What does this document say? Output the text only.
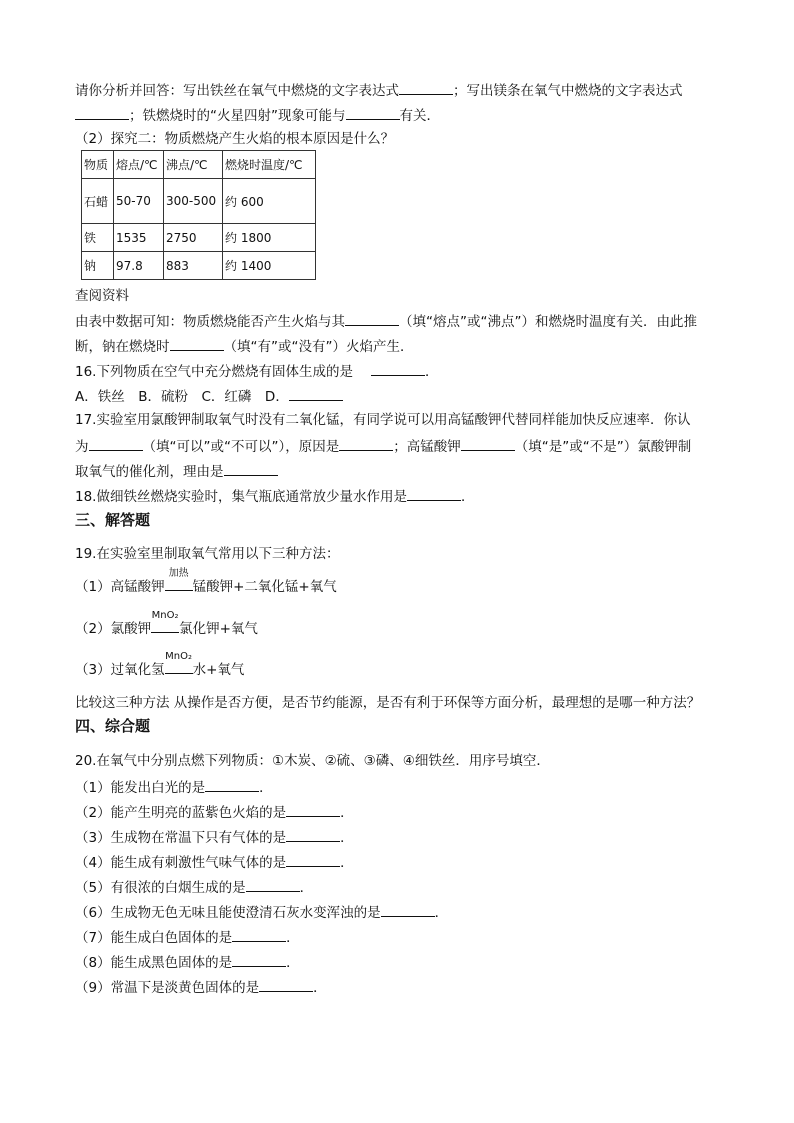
请你分析并回答：写出铁丝在氧气中燃烧的文字表达式	；写出镁条在氧气中燃烧的文字表达式
；铁燃烧时的“火星四射”现象可能与	有关．
（2）探究二：物质燃烧产生火焰的根本原因是什么？
物质	熔点/℃	沸点/℃	燃烧时温度/℃
石蜡	50-70	300-500	约 600
铁	1535	2750	约 1800
钠	97.8	883	约 1400
查阅资料
由表中数据可知：物质燃烧能否产生火焰与其	（填“熔点”或“沸点”）和燃烧时温度有关．由此推
断，钠在燃烧时	（填“有”或“没有”）火焰产生．
16.下列物质在空气中充分燃烧有固体生成的是	．
A．铁丝　B．硫粉　C．红磷　D．
17.实验室用氯酸钾制取氧气时没有二氧化锰，有同学说可以用高锰酸钾代替同样能加快反应速率．你认
为	（填“可以”或“不可以”），原因是	；高锰酸钾	（填“是”或“不是”）氯酸钾制
取氧气的催化剂，理由是
18.做细铁丝燃烧实验时，集气瓶底通常放少量水作用是	．
三、解答题
19.在实验室里制取氧气常用以下三种方法：
（1）高锰酸钾
加热
锰酸钾+二氧化锰+氧气
（2）氯酸钾
MnO₂
氯化钾+氧气
（3）过氧化氢
MnO₂
水+氧气
比较这三种方法 从操作是否方便，是否节约能源，是否有利于环保等方面分析，最理想的是哪一种方法？
四、综合题
20.在氧气中分别点燃下列物质：①木炭、②硫、③磷、④细铁丝．用序号填空．
（1）能发出白光的是	．
（2）能产生明亮的蓝紫色火焰的是	．
（3）生成物在常温下只有气体的是	．
（4）能生成有刺激性气味气体的是	．
（5）有很浓的白烟生成的是	．
（6）生成物无色无味且能使澄清石灰水变浑浊的是	．
（7）能生成白色固体的是	．
（8）能生成黑色固体的是	．
（9）常温下是淡黄色固体的是	．
